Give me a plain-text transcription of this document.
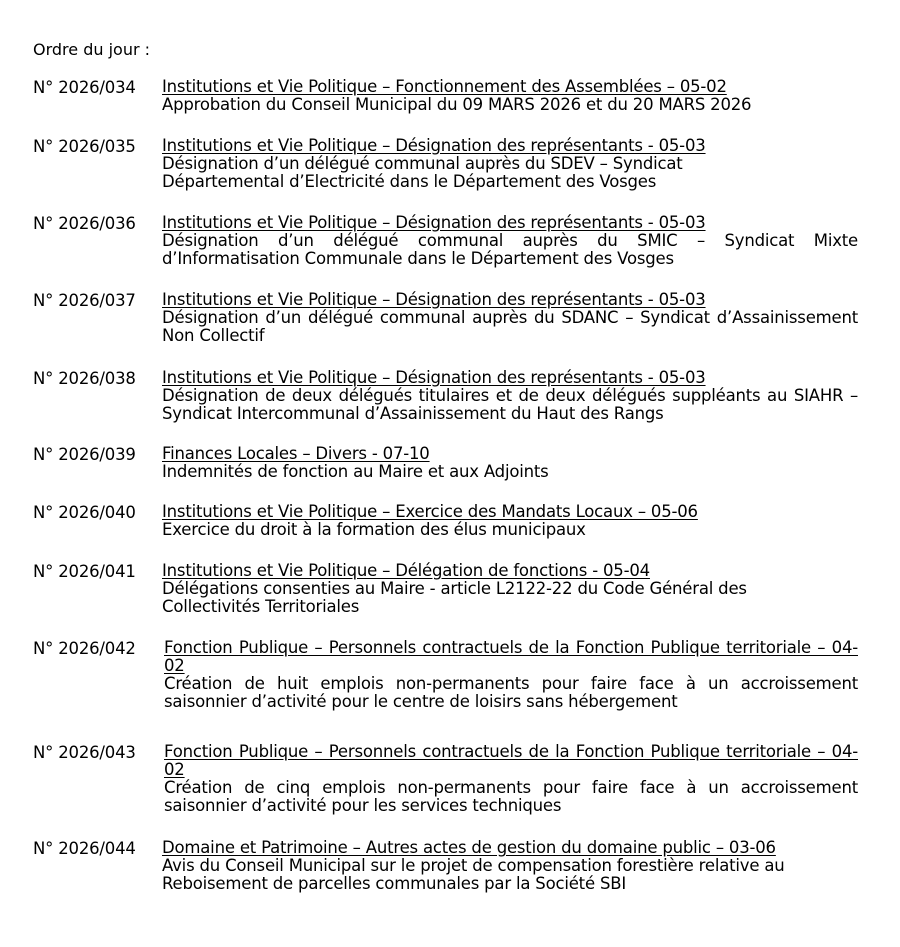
Ordre du jour :
N° 2026/034 Institutions et Vie Politique – Fonctionnement des Assemblées – 05-02
Approbation du Conseil Municipal du 09 MARS 2026 et du 20 MARS 2026
N° 2026/035 Institutions et Vie Politique – Désignation des représentants - 05-03
Désignation d’un délégué communal auprès du SDEV – Syndicat Départemental d’Electricité dans le Département des Vosges
N° 2026/036 Institutions et Vie Politique – Désignation des représentants - 05-03
Désignation d’un délégué communal auprès du SMIC – Syndicat Mixte d’Informatisation Communale dans le Département des Vosges
N° 2026/037 Institutions et Vie Politique – Désignation des représentants - 05-03
Désignation d’un délégué communal auprès du SDANC – Syndicat d’Assainissement Non Collectif
N° 2026/038 Institutions et Vie Politique – Désignation des représentants - 05-03
Désignation de deux délégués titulaires et de deux délégués suppléants au SIAHR – Syndicat Intercommunal d’Assainissement du Haut des Rangs
N° 2026/039 Finances Locales – Divers - 07-10
Indemnités de fonction au Maire et aux Adjoints
N° 2026/040 Institutions et Vie Politique – Exercice des Mandats Locaux – 05-06
Exercice du droit à la formation des élus municipaux
N° 2026/041 Institutions et Vie Politique – Délégation de fonctions - 05-04
Délégations consenties au Maire - article L2122-22 du Code Général des Collectivités Territoriales
N° 2026/042 Fonction Publique – Personnels contractuels de la Fonction Publique territoriale – 04-02
Création de huit emplois non-permanents pour faire face à un accroissement saisonnier d’activité pour le centre de loisirs sans hébergement
N° 2026/043 Fonction Publique – Personnels contractuels de la Fonction Publique territoriale – 04-02
Création de cinq emplois non-permanents pour faire face à un accroissement saisonnier d’activité pour les services techniques
N° 2026/044 Domaine et Patrimoine – Autres actes de gestion du domaine public – 03-06
Avis du Conseil Municipal sur le projet de compensation forestière relative au Reboisement de parcelles communales par la Société SBI
